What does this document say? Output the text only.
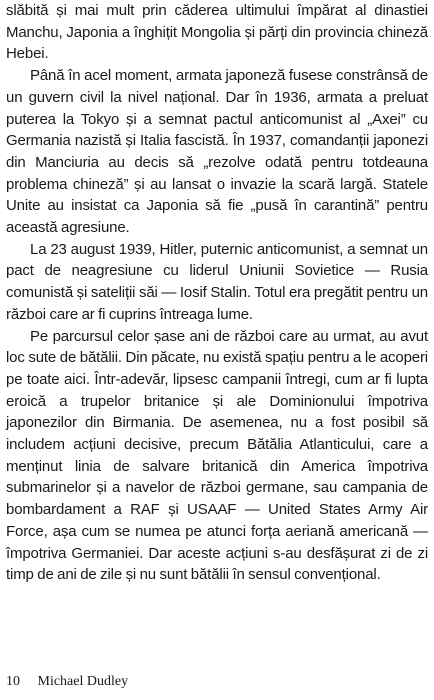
slăbită și mai mult prin căderea ultimului împărat al dinastiei Manchu, Japonia a înghițit Mongolia și părți din provincia chineză Hebei.

Până în acel moment, armata japoneză fusese constrânsă de un guvern civil la nivel național. Dar în 1936, armata a preluat puterea la Tokyo și a semnat pactul anticomunist al „Axei” cu Germania nazistă și Italia fascistă. În 1937, comandanții japonezi din Manciuria au decis să „rezolve odată pentru totdeauna problema chineză” și au lansat o invazie la scară largă. Statele Unite au insistat ca Japonia să fie „pusă în carantină” pentru această agresiune.

La 23 august 1939, Hitler, puternic anticomunist, a semnat un pact de neagresiune cu liderul Uniunii Sovietice — Rusia comunistă și sateliții săi — Iosif Stalin. Totul era pregătit pentru un război care ar fi cuprins întreaga lume.

Pe parcursul celor șase ani de război care au urmat, au avut loc sute de bătălii. Din păcate, nu există spațiu pentru a le acoperi pe toate aici. Într-adevăr, lipsesc campanii întregi, cum ar fi lupta eroică a trupelor britanice și ale Dominionului împotriva japonezilor din Birmania. De asemenea, nu a fost posibil să includem acțiuni decisive, precum Bătălia Atlanticului, care a menținut linia de salvare britanică din America împotriva submarinelor și a navelor de război germane, sau campania de bombardament a RAF și USAAF — United States Army Air Force, așa cum se numea pe atunci forța aeriană americană — împotriva Germaniei. Dar aceste acțiuni s-au desfășurat zi de zi timp de ani de zile și nu sunt bătălii în sensul convențional.

10 Michael Dudley
